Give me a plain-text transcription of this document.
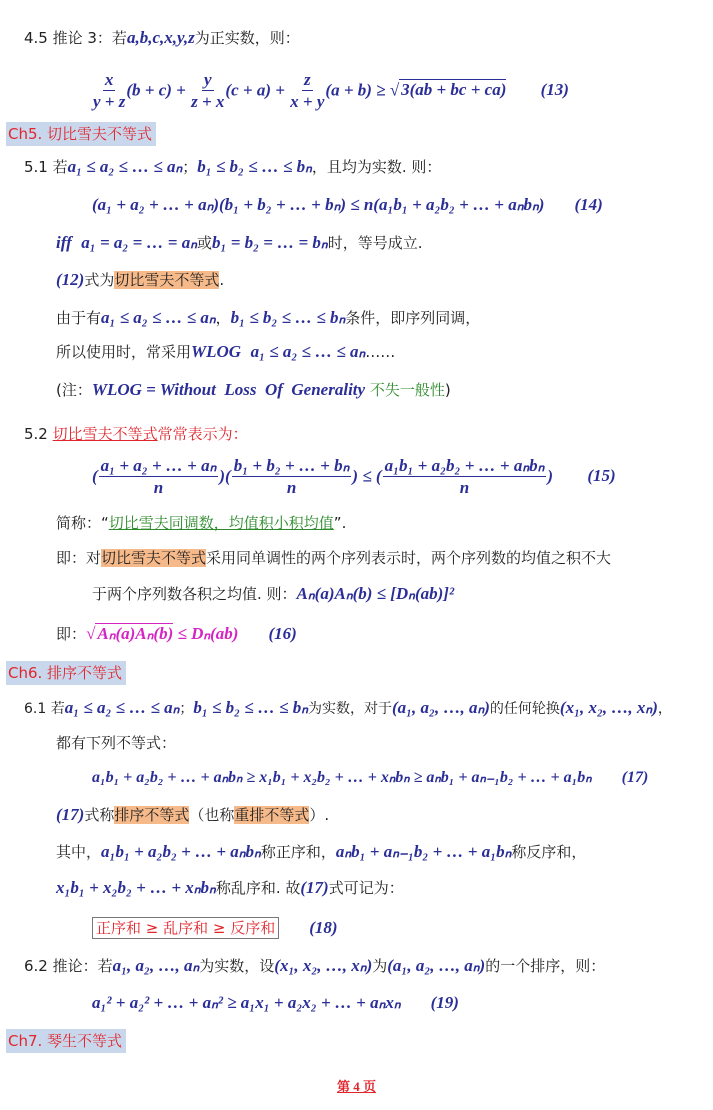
4.5 推论 3：若a,b,c,x,y,z为正实数，则：
$\frac{x}{y + z} (b + c) + \frac{y}{z + x} (c + a) + \frac{z}{x + y} (a + b)$ ≥ √ 3(ab + bc + ca) (13)
Ch5. 切比雪夫不等式
5.1 若a₁ ≤ a₂ ≤ … ≤ aₙ；b₁ ≤ b₂ ≤ … ≤ bₙ，且均为实数. 则：
(a₁ + a₂ + … + aₙ)(b₁ + b₂ + … + bₙ) ≤ n(a₁b₁ + a₂b₂ + … + aₙbₙ) (14)
iff a₁ = a₂ = … = aₙ或b₁ = b₂ = … = bₙ时，等号成立.
(12)式为切比雪夫不等式.
由于有a₁ ≤ a₂ ≤ … ≤ aₙ，b₁ ≤ b₂ ≤ … ≤ bₙ条件，即序列同调，
所以使用时，常采用WLOG a₁ ≤ a₂ ≤ … ≤ aₙ……
(注：WLOG = Without  Loss  Of  Generality 不失一般性)
5.2 切比雪夫不等式常常表示为：
( $\frac{\text{a₁ + a₂ + … + aₙ}}{n}$ )( $\frac{\text{b₁ + b₂ + … + bₙ}}{n}$ ) ≤ ( $\frac{\text{a₁b₁ + a₂b₂ + … + aₙbₙ}}{n}$ ) (15)
简称：“切比雪夫同调数，均值积小积均值”.
即：对切比雪夫不等式采用同单调性的两个序列表示时，两个序列数的均值之积不大
于两个序列数各积之均值. 则：Aₙ(a)Aₙ(b) ≤ [Dₙ(ab)]²
即：√ Aₙ(a)Aₙ(b) ≤ Dₙ(ab) (16)
Ch6. 排序不等式
6.1 若a₁ ≤ a₂ ≤ … ≤ aₙ；b₁ ≤ b₂ ≤ … ≤ bₙ为实数，对于(a₁, a₂, …, aₙ)的任何轮换(x₁, x₂, …, xₙ)，
都有下列不等式：
a₁b₁ + a₂b₂ + … + aₙbₙ ≥ x₁b₁ + x₂b₂ + … + xₙbₙ ≥ aₙb₁ + aₙ₋₁b₂ + … + a₁bₙ (17)
(17)式称排序不等式（也称重排不等式）.
其中，a₁b₁ + a₂b₂ + … + aₙbₙ称正序和，aₙb₁ + aₙ₋₁b₂ + … + a₁bₙ称反序和，
x₁b₁ + x₂b₂ + … + xₙbₙ称乱序和. 故(17)式可记为：
正序和 ≥ 乱序和 ≥ 反序和 (18)
6.2 推论：若a₁, a₂, …, aₙ为实数，设(x₁, x₂, …, xₙ)为(a₁, a₂, …, aₙ)的一个排序，则：
a₁² + a₂² + … + aₙ² ≥ a₁x₁ + a₂x₂ + … + aₙxₙ (19)
Ch7. 琴生不等式
第 4 页
